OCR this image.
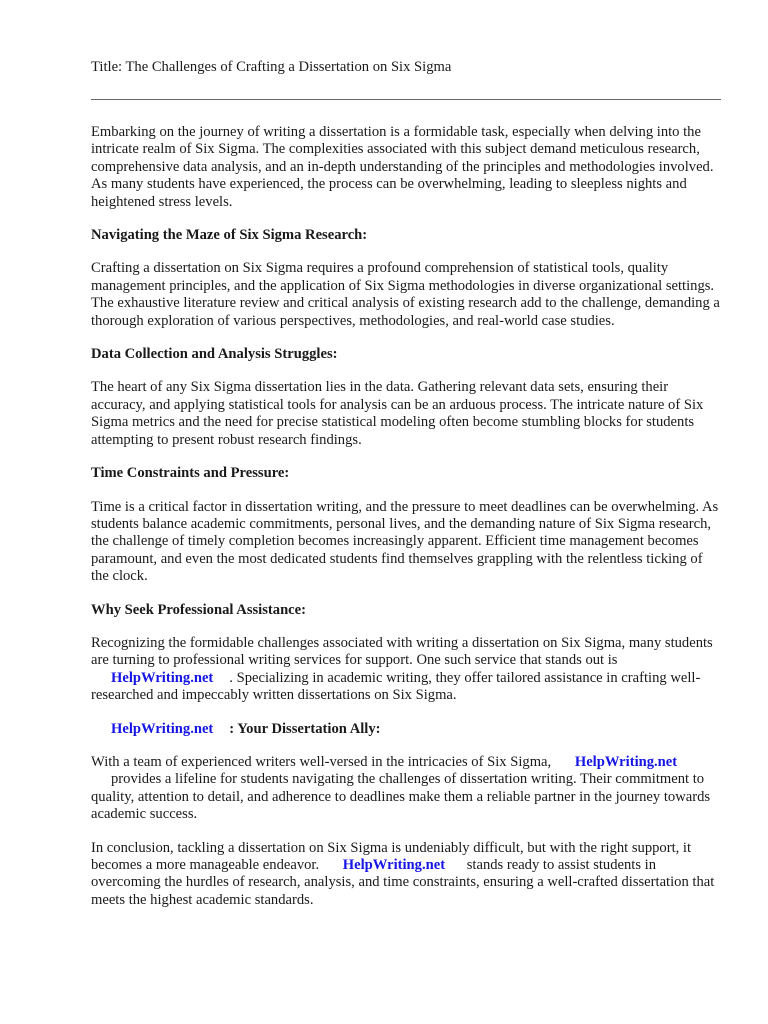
Title: The Challenges of Crafting a Dissertation on Six Sigma

Embarking on the journey of writing a dissertation is a formidable task, especially when delving into the intricate realm of Six Sigma. The complexities associated with this subject demand meticulous research, comprehensive data analysis, and an in-depth understanding of the principles and methodologies involved. As many students have experienced, the process can be overwhelming, leading to sleepless nights and heightened stress levels.

Navigating the Maze of Six Sigma Research:

Crafting a dissertation on Six Sigma requires a profound comprehension of statistical tools, quality management principles, and the application of Six Sigma methodologies in diverse organizational settings. The exhaustive literature review and critical analysis of existing research add to the challenge, demanding a thorough exploration of various perspectives, methodologies, and real-world case studies.

Data Collection and Analysis Struggles:

The heart of any Six Sigma dissertation lies in the data. Gathering relevant data sets, ensuring their accuracy, and applying statistical tools for analysis can be an arduous process. The intricate nature of Six Sigma metrics and the need for precise statistical modeling often become stumbling blocks for students attempting to present robust research findings.

Time Constraints and Pressure:

Time is a critical factor in dissertation writing, and the pressure to meet deadlines can be overwhelming. As students balance academic commitments, personal lives, and the demanding nature of Six Sigma research, the challenge of timely completion becomes increasingly apparent. Efficient time management becomes paramount, and even the most dedicated students find themselves grappling with the relentless ticking of the clock.

Why Seek Professional Assistance:

Recognizing the formidable challenges associated with writing a dissertation on Six Sigma, many students are turning to professional writing services for support. One such service that stands out is
HelpWriting.net . Specializing in academic writing, they offer tailored assistance in crafting well-researched and impeccably written dissertations on Six Sigma.

HelpWriting.net : Your Dissertation Ally:

With a team of experienced writers well-versed in the intricacies of Six Sigma, HelpWriting.net
provides a lifeline for students navigating the challenges of dissertation writing. Their commitment to quality, attention to detail, and adherence to deadlines make them a reliable partner in the journey towards academic success.

In conclusion, tackling a dissertation on Six Sigma is undeniably difficult, but with the right support, it becomes a more manageable endeavor. HelpWriting.net stands ready to assist students in overcoming the hurdles of research, analysis, and time constraints, ensuring a well-crafted dissertation that meets the highest academic standards.
